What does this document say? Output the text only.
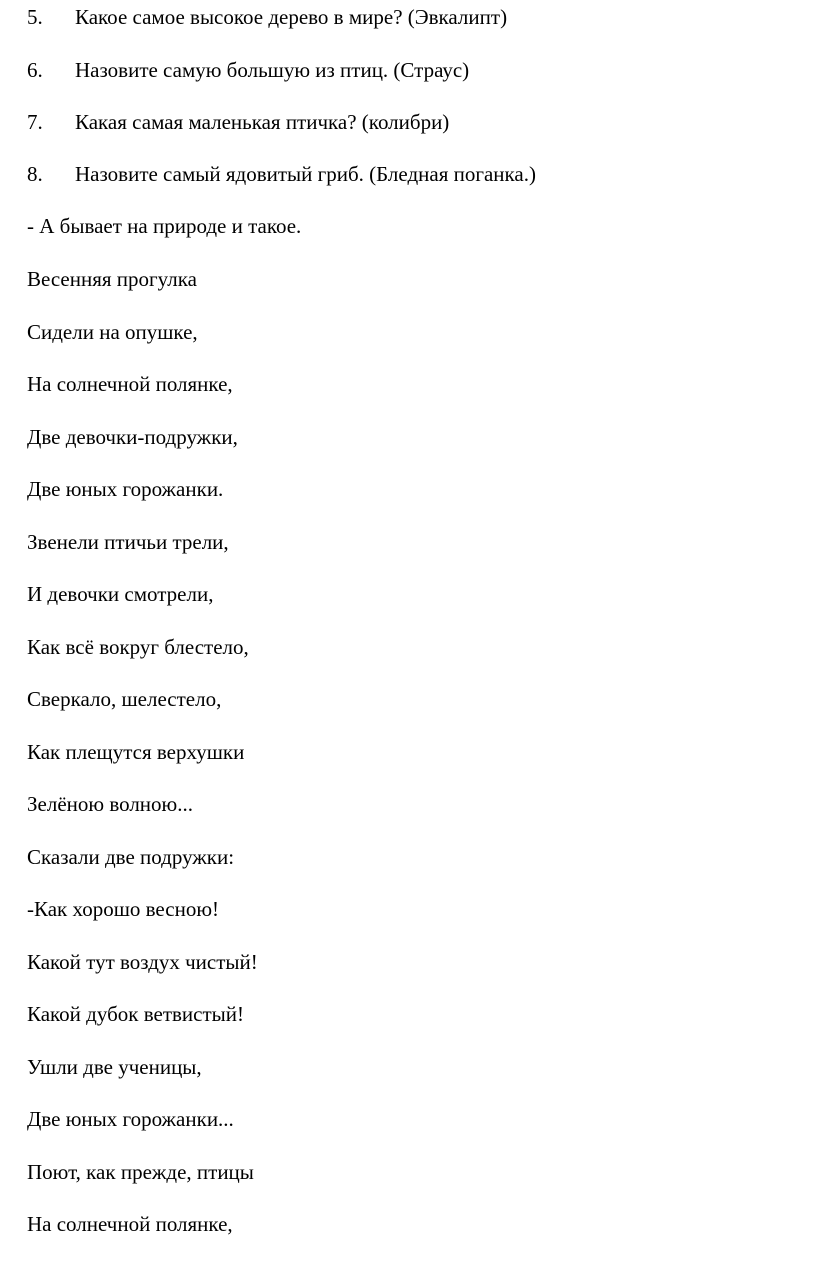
5. Какое самое высокое дерево в мире? (Эвкалипт)
6. Назовите самую большую из птиц. (Страус)
7. Какая самая маленькая птичка? (колибри)
8. Назовите самый ядовитый гриб. (Бледная поганка.)
- А бывает на природе и такое.
Весенняя прогулка
Сидели на опушке,
На солнечной полянке,
Две девочки-подружки,
Две юных горожанки.
Звенели птичьи трели,
И девочки смотрели,
Как всё вокруг блестело,
Сверкало, шелестело,
Как плещутся верхушки
Зелёною волною...
Сказали две подружки:
-Как хорошо весною!
Какой тут воздух чистый!
Какой дубок ветвистый!
Ушли две ученицы,
Две юных горожанки...
Поют, как прежде, птицы
На солнечной полянке,
